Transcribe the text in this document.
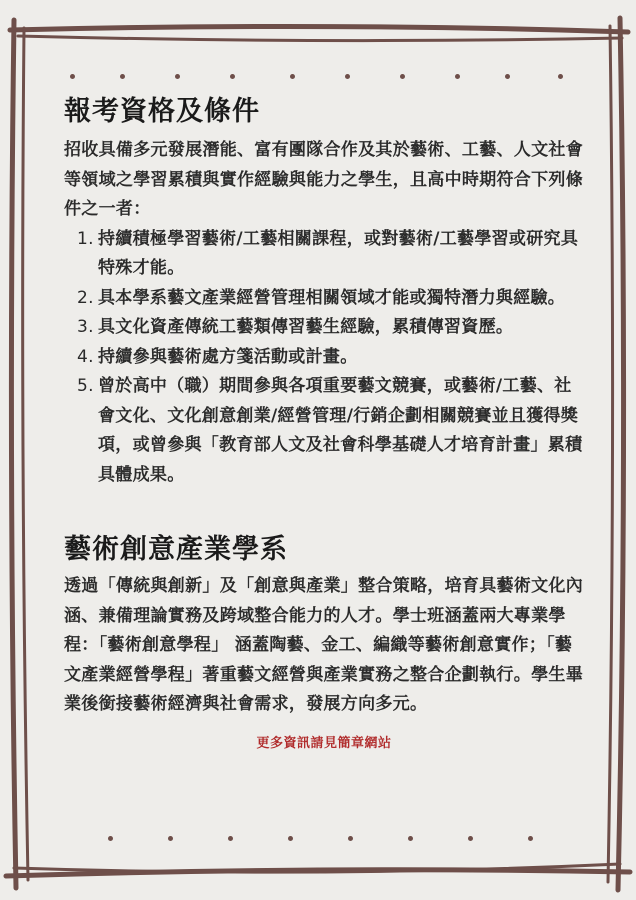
報考資格及條件

招收具備多元發展潛能、富有團隊合作及其於藝術、工藝、人文社會等領域之學習累積與實作經驗與能力之學生，且高中時期符合下列條件之一者：

1. 持續積極學習藝術/工藝相關課程，或對藝術/工藝學習或研究具特殊才能。
2. 具本學系藝文產業經營管理相關領域才能或獨特潛力與經驗。
3. 具文化資產傳統工藝類傳習藝生經驗，累積傳習資歷。
4. 持續參與藝術處方箋活動或計畫。
5. 曾於高中（職）期間參與各項重要藝文競賽，或藝術/工藝、社會文化、文化創意創業/經營管理/行銷企劃相關競賽並且獲得獎項，或曾參與「教育部人文及社會科學基礎人才培育計畫」累積具體成果。
藝術創意產業學系

透過「傳統與創新」及「創意與產業」整合策略，培育具藝術文化內涵、兼備理論實務及跨域整合能力的人才。學士班涵蓋兩大專業學程：「藝術創意學程」 涵蓋陶藝、金工、編織等藝術創意實作；「藝文產業經營學程」著重藝文經營與產業實務之整合企劃執行。學生畢業後銜接藝術經濟與社會需求，發展方向多元。

更多資訊請見簡章網站
